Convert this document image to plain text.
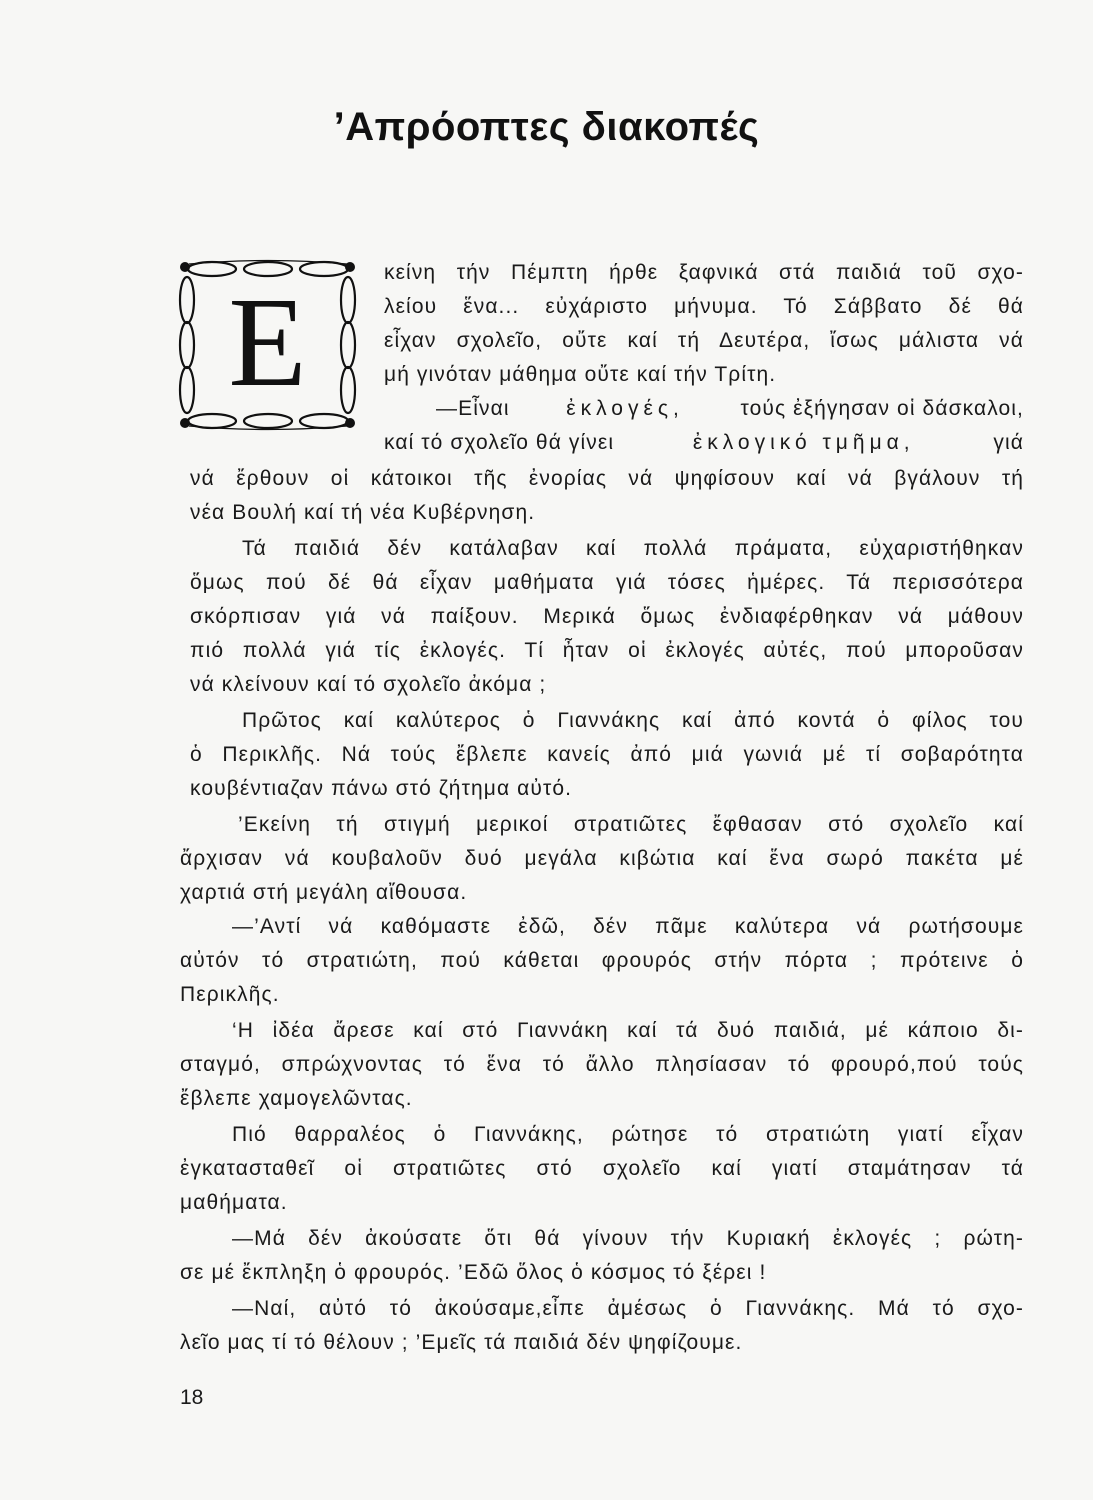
’Απρόοπτες διακοπές
Ε	κείνη τήν Πέμπτη ήρθε ξαφνικά στά παιδιά τοῦ σχο-

λείου ἕνα... εὐχάριστο μήνυμα. Τό Σάββατο δέ θά

εἶχαν σχολεῖο, οὔτε καί τή Δευτέρα, ἴσως μάλιστα νά

μή γινόταν μάθημα οὔτε καί τήν Τρίτη.

—Εἶναι	ἐκλογές,	τούς ἐξήγησαν οἱ δάσκαλοι,
καί τό σχολεῖο θά γίνει	ἐκλογικό τμῆμα,	γιά

νά ἔρθουν οἱ κάτοικοι τῆς ἐνορίας νά ψηφίσουν καί νά βγάλουν τή

νέα Βουλή καί τή νέα Κυβέρνηση.

Τά παιδιά δέν κατάλαβαν καί πολλά πράματα, εὐχαριστήθηκαν

ὅμως πού δέ θά εἶχαν μαθήματα γιά τόσες ἡμέρες. Τά περισσότερα

σκόρπισαν γιά νά παίξουν. Μερικά ὅμως ἐνδιαφέρθηκαν νά μάθουν

πιό πολλά γιά τίς ἐκλογές. Τί ἦταν οἱ ἐκλογές αὐτές, πού μποροῦσαν

νά κλείνουν καί τό σχολεῖο ἀκόμα ;

Πρῶτος καί καλύτερος ὁ Γιαννάκης καί ἀπό κοντά ὁ φίλος του

ὁ Περικλῆς. Νά τούς ἔβλεπε κανείς ἀπό μιά γωνιά μέ τί σοβαρότητα

κουβέντιαζαν πάνω στό ζήτημα αὐτό.

’Εκείνη τή στιγμή μερικοί στρατιῶτες ἔφθασαν στό σχολεῖο καί

ἄρχισαν νά κουβαλοῦν δυό μεγάλα κιβώτια καί ἕνα σωρό πακέτα μέ

χαρτιά στή μεγάλη αἴθουσα.

—’Αντί νά καθόμαστε ἐδῶ, δέν πᾶμε καλύτερα νά ρωτήσουμε

αὐτόν τό στρατιώτη, πού κάθεται φρουρός στήν πόρτα ; πρότεινε ὁ

Περικλῆς.

‘Η ἰδέα ἄρεσε καί στό Γιαννάκη καί τά δυό παιδιά, μέ κάποιο δι-

σταγμό, σπρώχνοντας τό ἕνα τό ἄλλο πλησίασαν τό φρουρό,πού τούς

ἔβλεπε χαμογελῶντας.

Πιό θαρραλέος ὁ Γιαννάκης, ρώτησε τό στρατιώτη γιατί εἶχαν

ἐγκατασταθεῖ οἱ στρατιῶτες στό σχολεῖο καί γιατί σταμάτησαν τά

μαθήματα.

—Μά δέν ἀκούσατε ὅτι θά γίνουν τήν Κυριακή ἐκλογές ; ρώτη-

σε μέ ἔκπληξη ὁ φρουρός. ’Εδῶ ὅλος ὁ κόσμος τό ξέρει !

—Ναί, αὐτό τό ἀκούσαμε,εἶπε ἀμέσως ὁ Γιαννάκης. Μά τό σχο-

λεῖο μας τί τό θέλουν ; ’Εμεῖς τά παιδιά δέν ψηφίζουμε.

18
